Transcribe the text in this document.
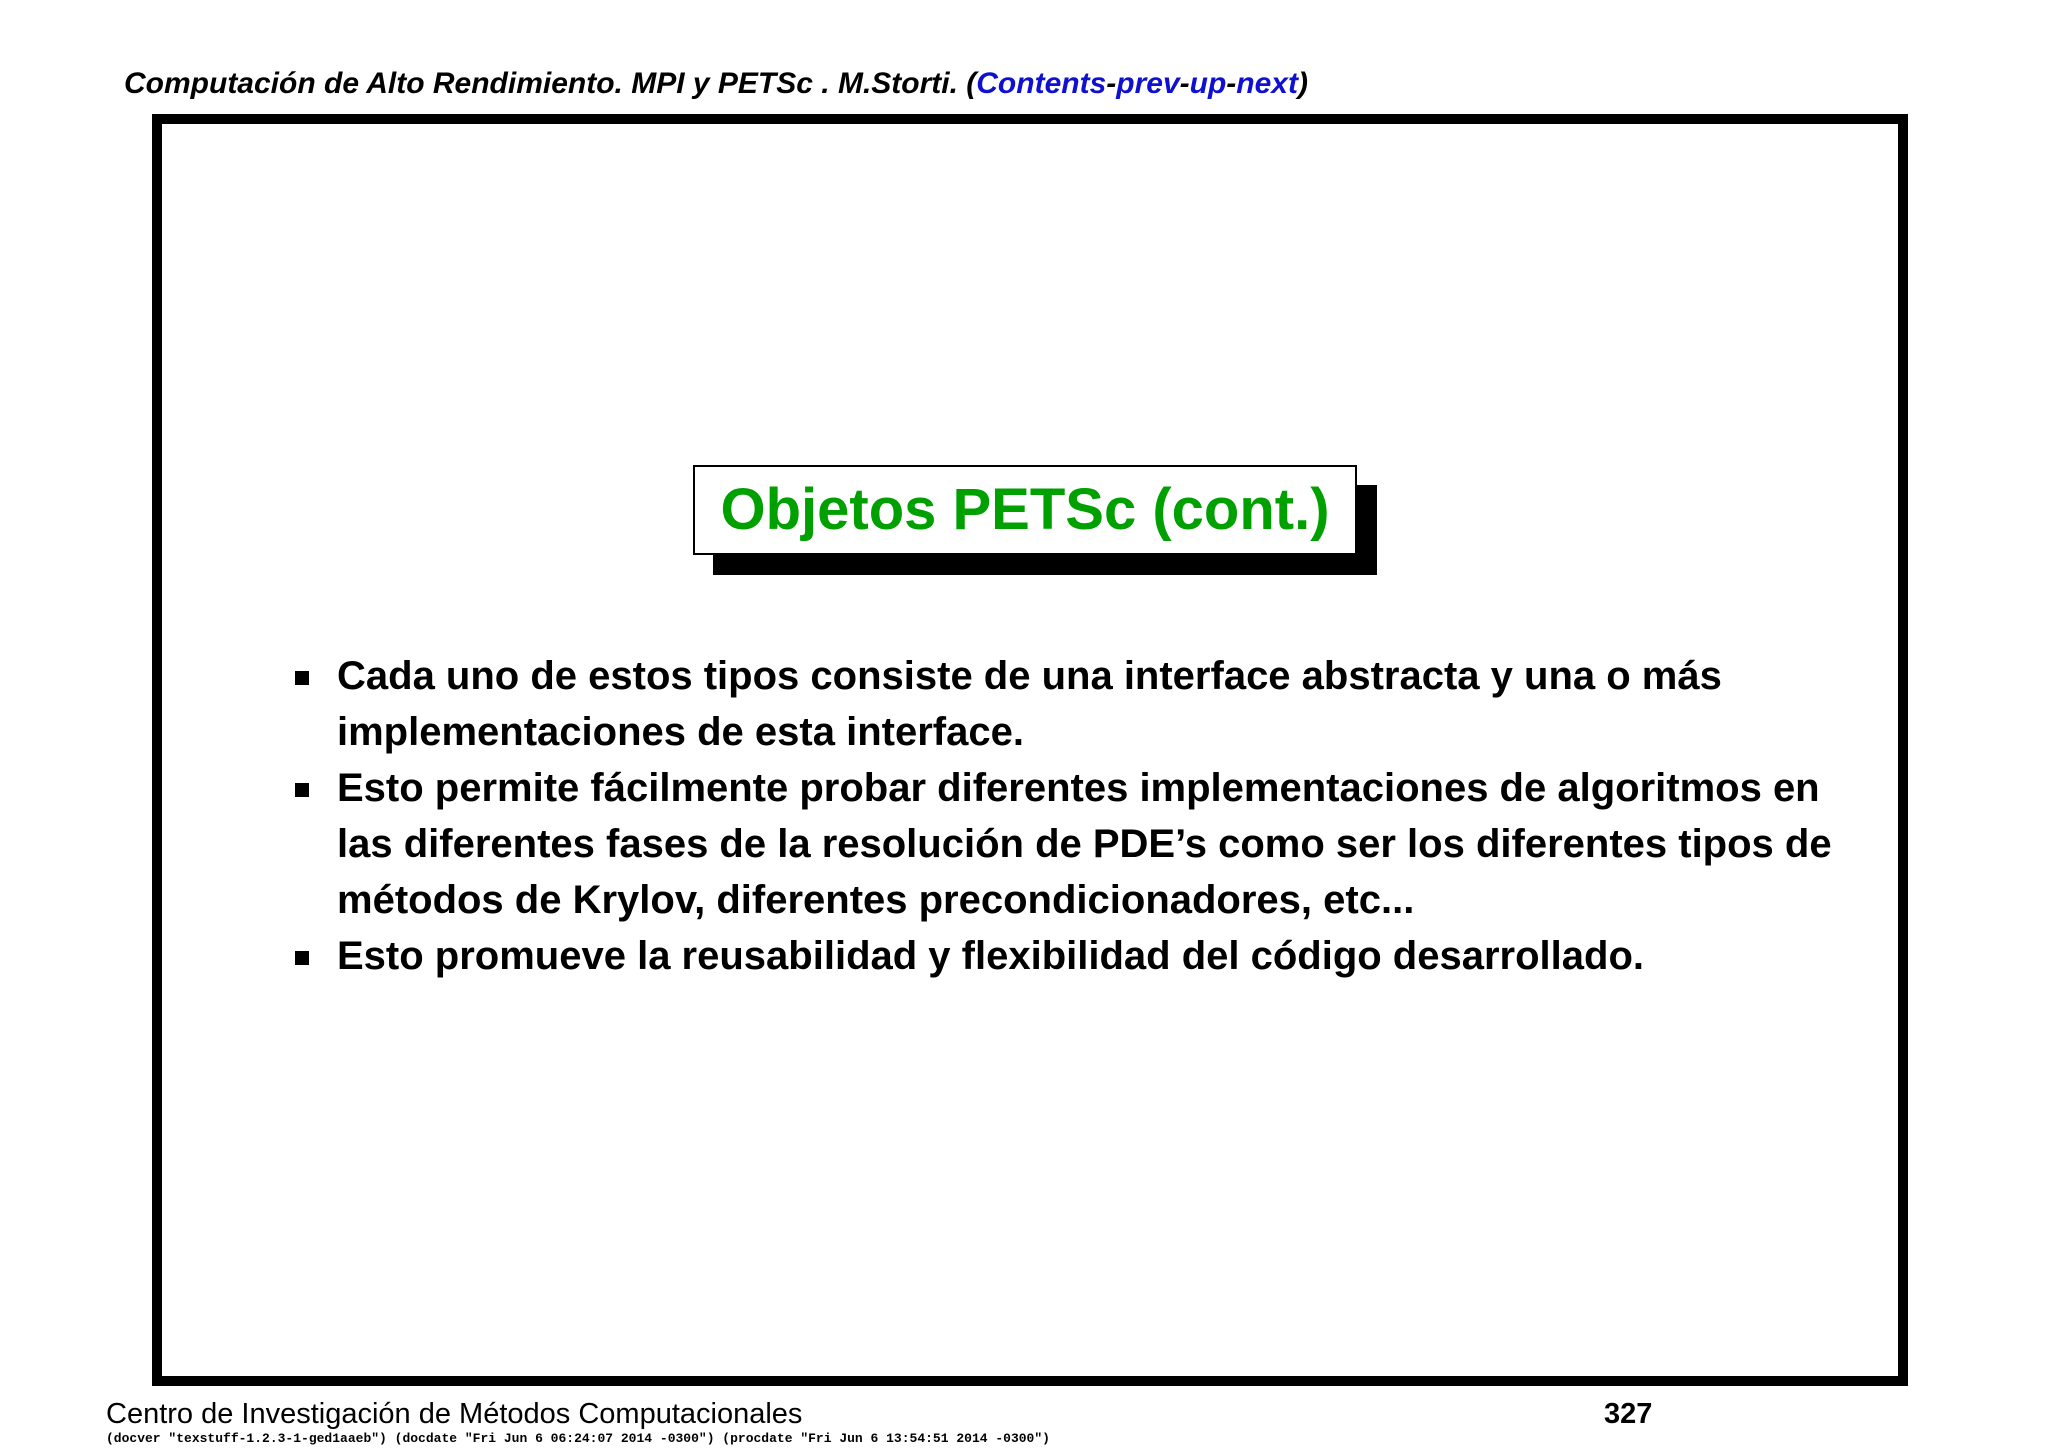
Computación de Alto Rendimiento. MPI y PETSc . M.Storti. (Contents-prev-up-next)
Objetos PETSc (cont.)
Cada uno de estos tipos consiste de una interface abstracta y una o más implementaciones de esta interface.
Esto permite fácilmente probar diferentes implementaciones de algoritmos en las diferentes fases de la resolución de PDE’s como ser los diferentes tipos de métodos de Krylov, diferentes precondicionadores, etc...
Esto promueve la reusabilidad y flexibilidad del código desarrollado.
Centro de Investigación de Métodos Computacionales	327
(docver "texstuff-1.2.3-1-ged1aaeb") (docdate "Fri Jun 6 06:24:07 2014 -0300") (procdate "Fri Jun 6 13:54:51 2014 -0300")
